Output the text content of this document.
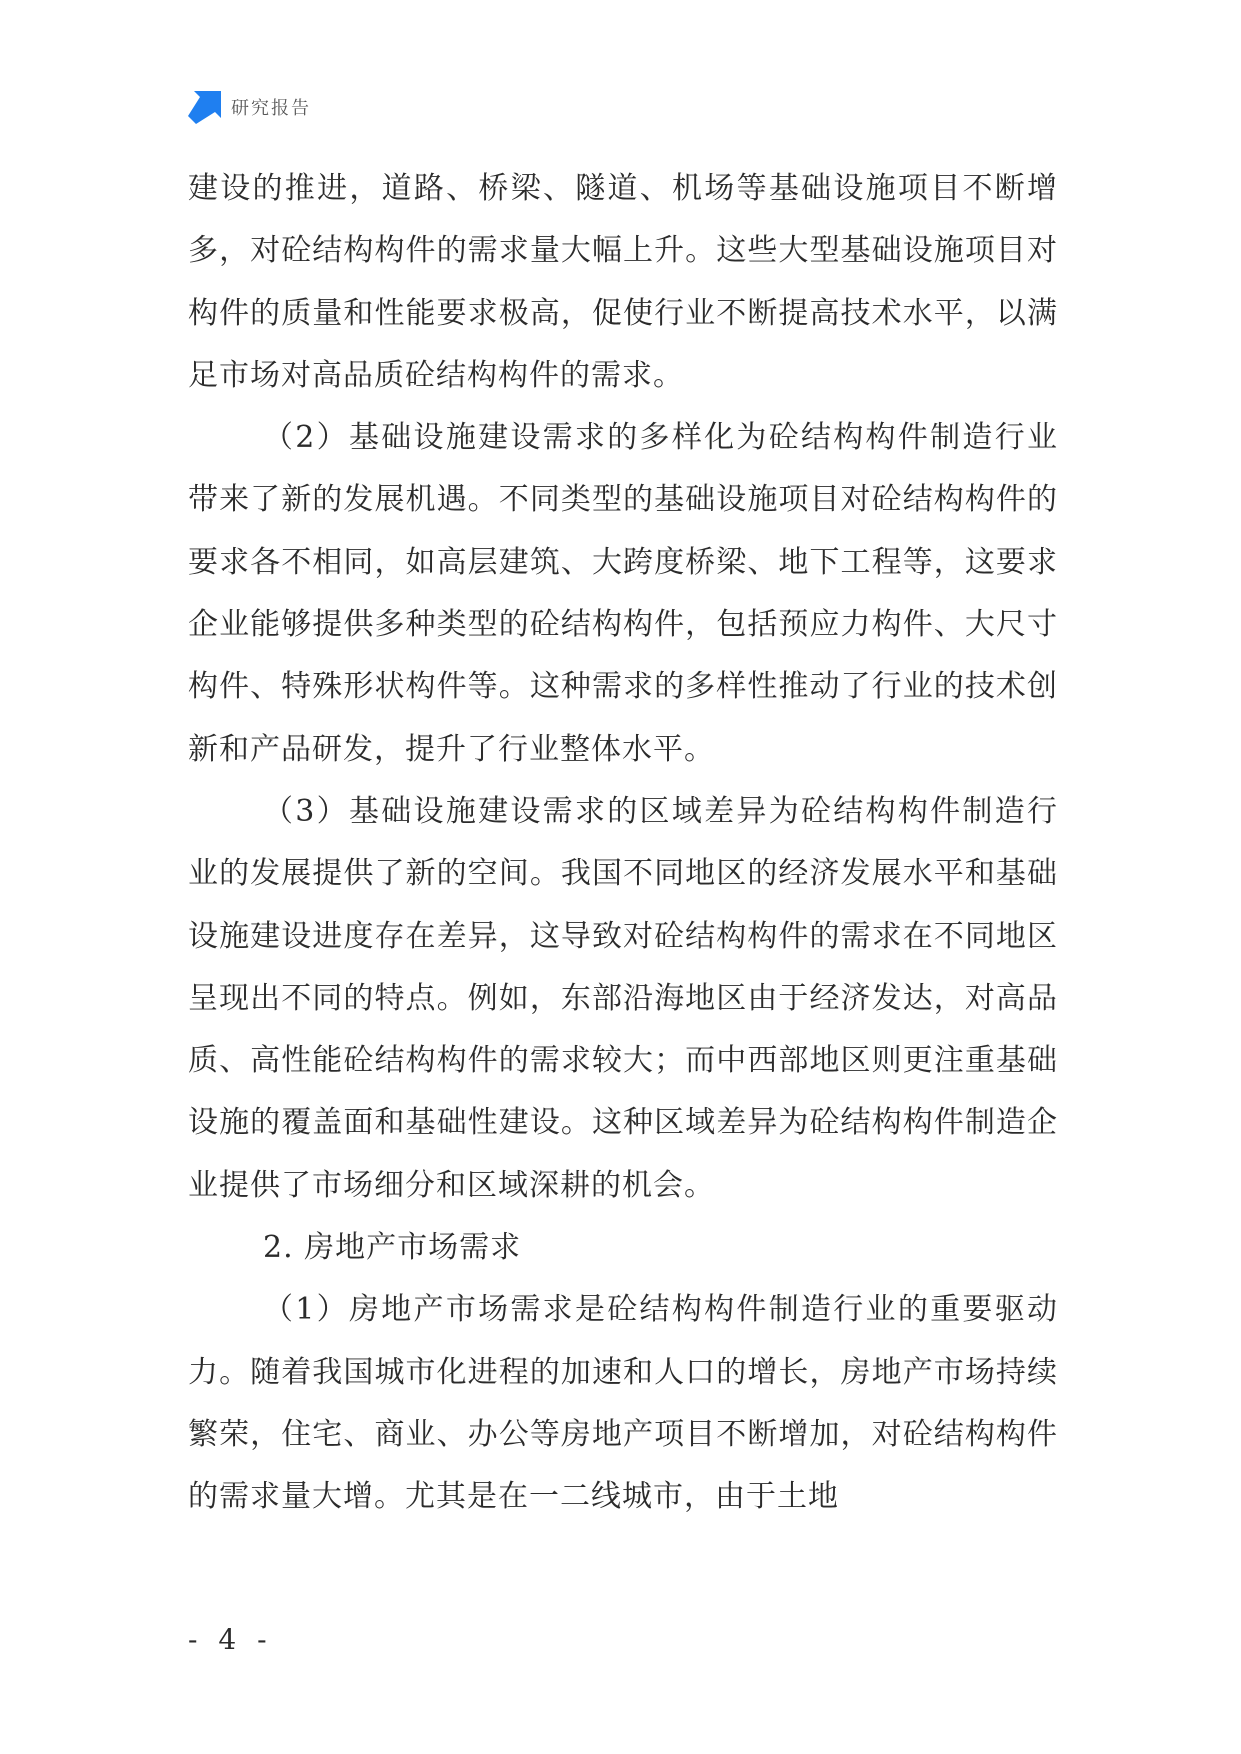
研究报告

建设的推进，道路、桥梁、隧道、机场等基础设施项目不断增多，对砼结构构件的需求量大幅上升。这些大型基础设施项目对构件的质量和性能要求极高，促使行业不断提高技术水平，以满足市场对高品质砼结构构件的需求。

（2）基础设施建设需求的多样化为砼结构构件制造行业带来了新的发展机遇。不同类型的基础设施项目对砼结构构件的要求各不相同，如高层建筑、大跨度桥梁、地下工程等，这要求企业能够提供多种类型的砼结构构件，包括预应力构件、大尺寸构件、特殊形状构件等。这种需求的多样性推动了行业的技术创新和产品研发，提升了行业整体水平。

（3）基础设施建设需求的区域差异为砼结构构件制造行业的发展提供了新的空间。我国不同地区的经济发展水平和基础设施建设进度存在差异，这导致对砼结构构件的需求在不同地区呈现出不同的特点。例如，东部沿海地区由于经济发达，对高品质、高性能砼结构构件的需求较大；而中西部地区则更注重基础设施的覆盖面和基础性建设。这种区域差异为砼结构构件制造企业提供了市场细分和区域深耕的机会。

2. 房地产市场需求

（1）房地产市场需求是砼结构构件制造行业的重要驱动力。随着我国城市化进程的加速和人口的增长，房地产市场持续繁荣，住宅、商业、办公等房地产项目不断增加，对砼结构构件的需求量大增。尤其是在一二线城市，由于土地

- 4 -
